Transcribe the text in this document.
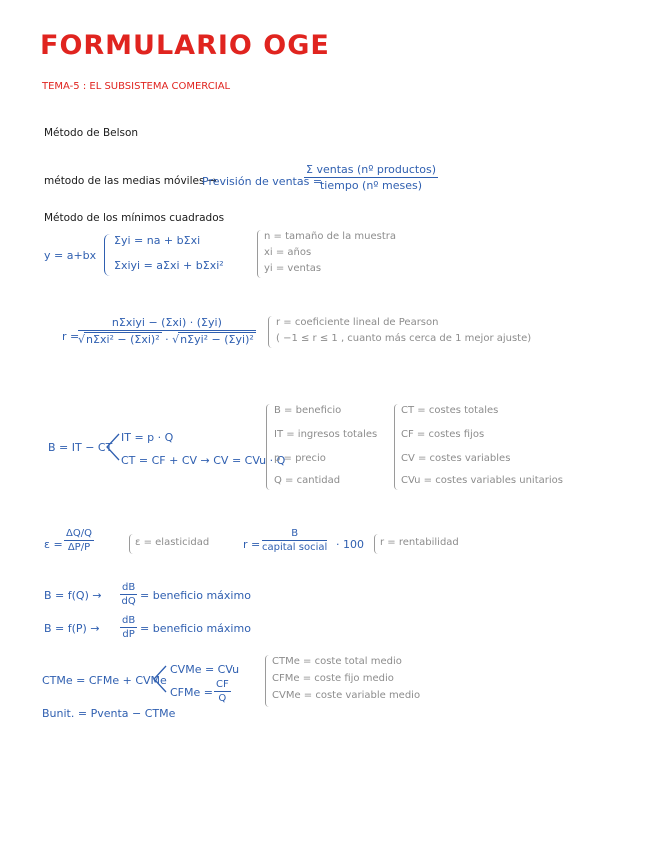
FORMULARIO OGE
TEMA-5 : EL SUBSISTEMA COMERCIAL
Método de Belson
método de las medias móviles →
Previsión de ventas =
Σ ventas (nº productos)
tiempo (nº meses)
Método de los mínimos cuadrados
y = a+bx
Σyi = na + bΣxi
Σxiyi = aΣxi + bΣxi²
n = tamaño de la muestra
xi = años
yi = ventas
r =
nΣxiyi − (Σxi) · (Σyi)
√nΣxi² − (Σxi)² · √nΣyi² − (Σyi)²
r = coeficiente lineal de Pearson
( −1 ≤ r ≤ 1 , cuanto más cerca de 1 mejor ajuste)
B = IT − CT
IT = p · Q
CT = CF + CV → CV = CVu · Q
B = beneficio
IT = ingresos totales
p = precio
Q = cantidad
CT = costes totales
CF = costes fijos
CV = costes variables
CVu = costes variables unitarios
$\varepsilon = \frac{\Delta Q/Q}{\Delta P/P}$	ε = elasticidad	r =
B
capital social · 100 r = rentabilidad
$B = f(Q) \to \frac{dB}{dQ}$ = beneficio máximo
$B = f(P) \to \frac{dB}{dP}$ = beneficio máximo
CTMe = CFMe + CVMe
CVMe = CVu
CFMe = $\frac{CF}{Q}$
CTMe = coste total medio
CFMe = coste fijo medio
CVMe = coste variable medio
Bunit. = Pventa − CTMe
